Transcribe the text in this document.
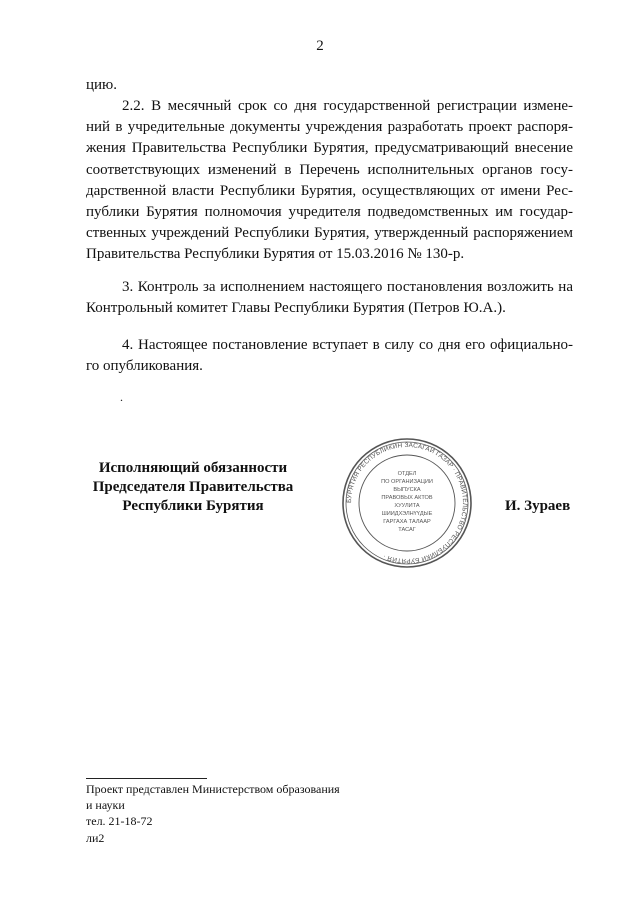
2
цию.
2.2. В месячный срок со дня государственной регистрации измене-
ний в учредительные документы учреждения разработать проект распоря-
жения Правительства Республики Бурятия, предусматривающий внесение
соответствующих изменений в Перечень исполнительных органов госу-
дарственной власти Республики Бурятия, осуществляющих от имени Рес-
публики Бурятия полномочия учредителя подведомственных им государ-
ственных учреждений Республики Бурятия, утвержденный распоряжением
Правительства Республики Бурятия от 15.03.2016 № 130-р.
3. Контроль за исполнением настоящего постановления возложить на
Контрольный комитет Главы Республики Бурятия (Петров Ю.А.).
4. Настоящее постановление вступает в силу со дня его официально-
го опубликования.
.
Исполняющий обязанности
Председателя Правительства
Республики Бурятия	И. Зураев
БУРЯТИЯ РЕСПУБЛИКИН ЗАСАГАЙ ГАЗАР · ПРАВИТЕЛЬСТВО РЕСПУБЛИКИ БУРЯТИЯ ·
ОТДЕЛ
ПО ОРГАНИЗАЦИИ
ВЫПУСКА
ПРАВОВЫХ АКТОВ
ХУУЛИТА
ШИИДХЭЛНҮҮДЫЕ
ГАРГАХА ТАЛААР
ТАСАГ
Проект представлен Министерством образования
и науки
тел. 21-18-72
ли2
